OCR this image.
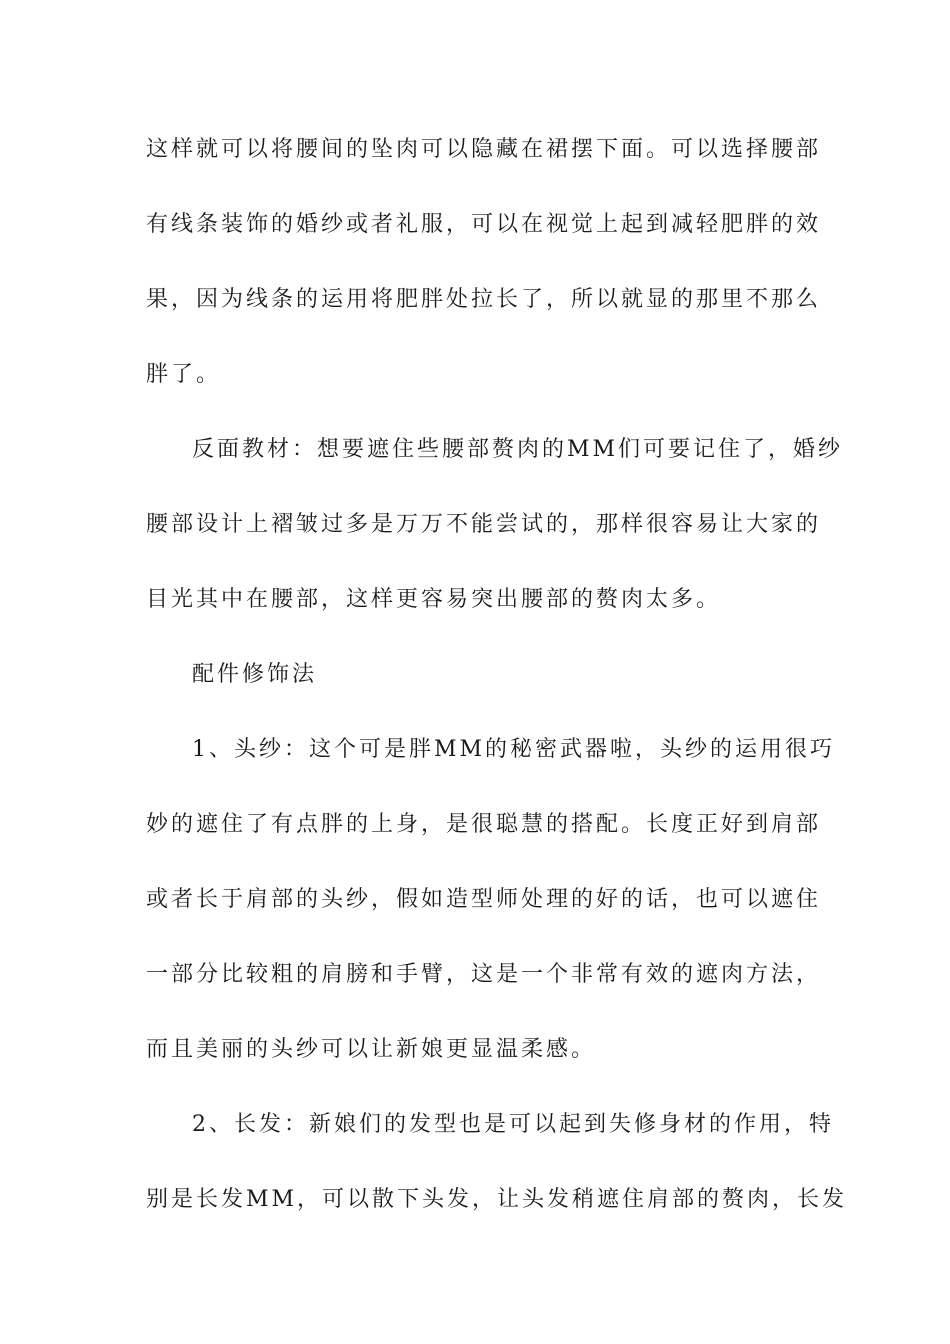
这样就可以将腰间的坠肉可以隐藏在裙摆下面。可以选择腰部
有线条装饰的婚纱或者礼服，可以在视觉上起到减轻肥胖的效
果，因为线条的运用将肥胖处拉长了，所以就显的那里不那么
胖了。
反面教材：想要遮住些腰部赘肉的MM们可要记住了，婚纱
腰部设计上褶皱过多是万万不能尝试的，那样很容易让大家的
目光其中在腰部，这样更容易突出腰部的赘肉太多。
配件修饰法
1、头纱：这个可是胖MM的秘密武器啦，头纱的运用很巧
妙的遮住了有点胖的上身，是很聪慧的搭配。长度正好到肩部
或者长于肩部的头纱，假如造型师处理的好的话，也可以遮住
一部分比较粗的肩膀和手臂，这是一个非常有效的遮肉方法，
而且美丽的头纱可以让新娘更显温柔感。
2、长发：新娘们的发型也是可以起到失修身材的作用，特
别是长发MM，可以散下头发，让头发稍遮住肩部的赘肉，长发
